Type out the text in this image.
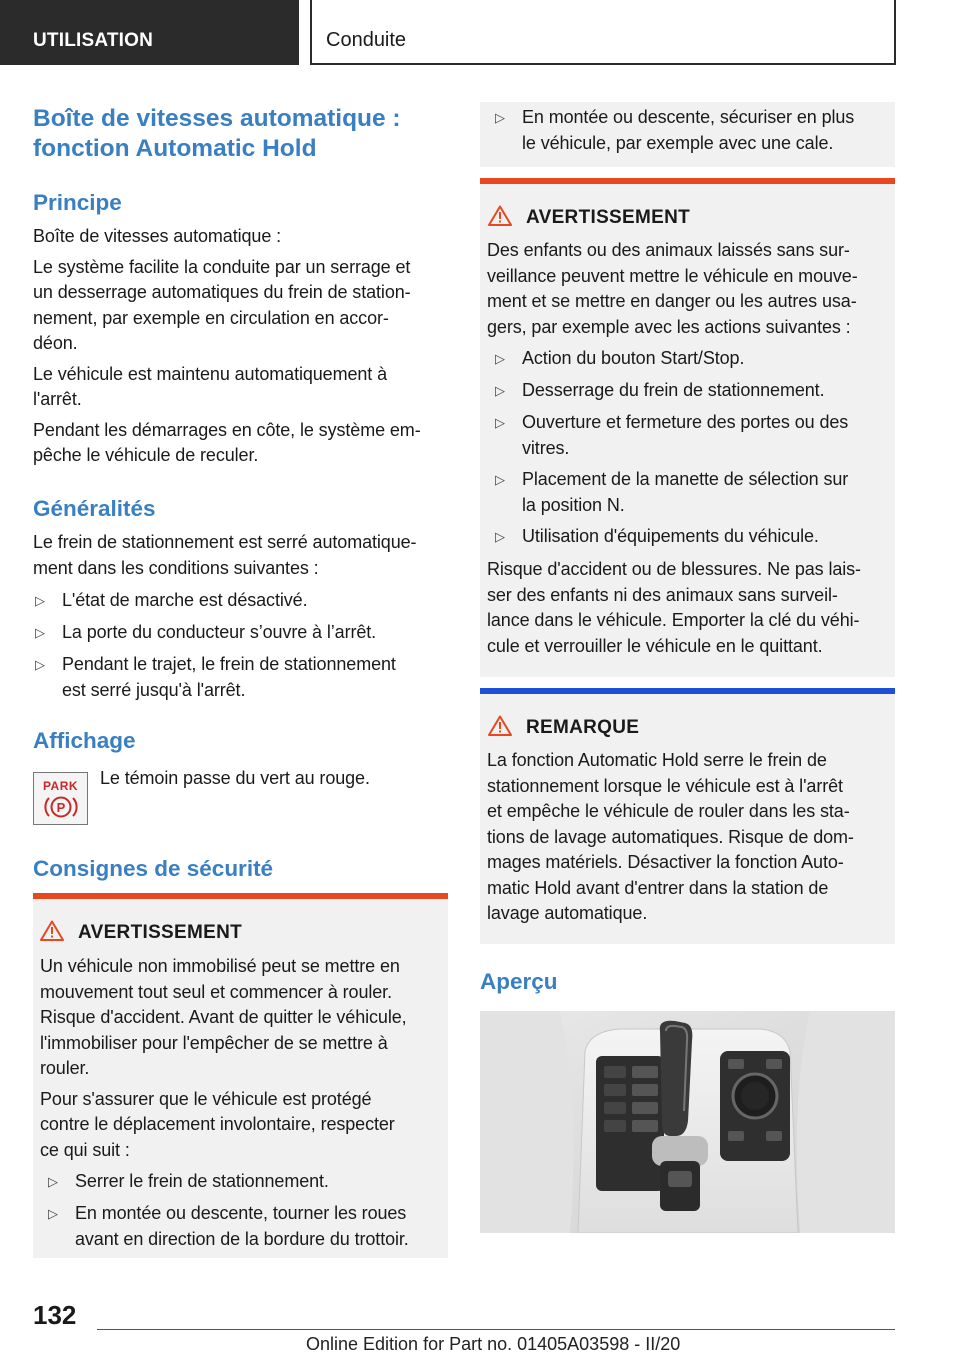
UTILISATION	Conduite
Boîte de vitesses automatique :
fonction Automatic Hold
Principe
Boîte de vitesses automatique :
Le système facilite la conduite par un serrage et
un desserrage automatiques du frein de station-
nement, par exemple en circulation en accor-
déon.
Le véhicule est maintenu automatiquement à
l'arrêt.
Pendant les démarrages en côte, le système em-
pêche le véhicule de reculer.
Généralités
Le frein de stationnement est serré automatique-
ment dans les conditions suivantes :
▷ L'état de marche est désactivé.
▷ La porte du conducteur s’ouvre à l’arrêt.
▷ Pendant le trajet, le frein de stationnement
est serré jusqu'à l'arrêt.
Affichage
PARK
P
Le témoin passe du vert au rouge.
Consignes de sécurité
AVERTISSEMENT
Un véhicule non immobilisé peut se mettre en
mouvement tout seul et commencer à rouler.
Risque d'accident. Avant de quitter le véhicule,
l'immobiliser pour l'empêcher de se mettre à
rouler.
Pour s'assurer que le véhicule est protégé
contre le déplacement involontaire, respecter
ce qui suit :
▷ Serrer le frein de stationnement.
▷ En montée ou descente, tourner les roues
avant en direction de la bordure du trottoir.
▷ En montée ou descente, sécuriser en plus
le véhicule, par exemple avec une cale.
AVERTISSEMENT
Des enfants ou des animaux laissés sans sur-
veillance peuvent mettre le véhicule en mouve-
ment et se mettre en danger ou les autres usa-
gers, par exemple avec les actions suivantes :
▷ Action du bouton Start/Stop.
▷ Desserrage du frein de stationnement.
▷ Ouverture et fermeture des portes ou des
vitres.
▷ Placement de la manette de sélection sur
la position N.
▷ Utilisation d'équipements du véhicule.
Risque d'accident ou de blessures. Ne pas lais-
ser des enfants ni des animaux sans surveil-
lance dans le véhicule. Emporter la clé du véhi-
cule et verrouiller le véhicule en le quittant.
REMARQUE
La fonction Automatic Hold serre le frein de
stationnement lorsque le véhicule est à l'arrêt
et empêche le véhicule de rouler dans les sta-
tions de lavage automatiques. Risque de dom-
mages matériels. Désactiver la fonction Auto-
matic Hold avant d'entrer dans la station de
lavage automatique.
Aperçu
132
Online Edition for Part no. 01405A03598 - II/20
